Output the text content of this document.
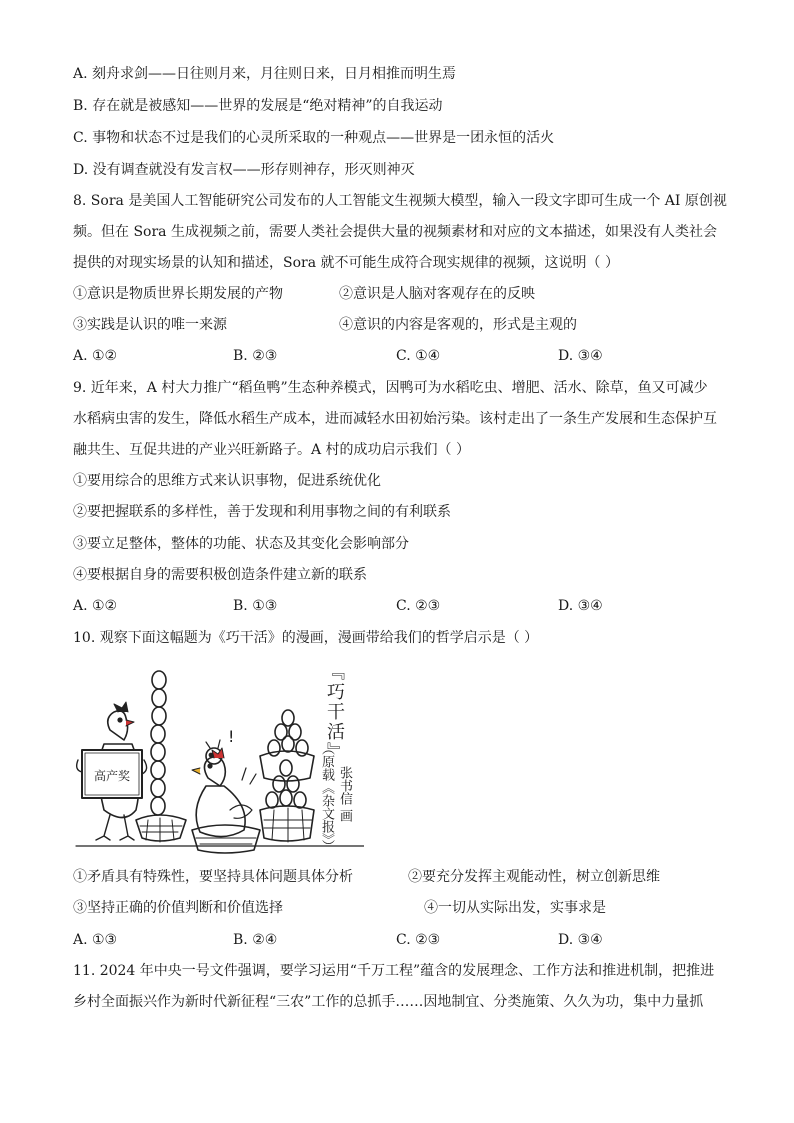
A. 刻舟求剑——日往则月来，月往则日来，日月相推而明生焉
B. 存在就是被感知——世界的发展是“绝对精神”的自我运动
C. 事物和状态不过是我们的心灵所采取的一种观点——世界是一团永恒的活火
D. 没有调查就没有发言权——形存则神存，形灭则神灭
8. Sora 是美国人工智能研究公司发布的人工智能文生视频大模型，输入一段文字即可生成一个 AI 原创视
频。但在 Sora 生成视频之前，需要人类社会提供大量的视频素材和对应的文本描述，如果没有人类社会
提供的对现实场景的认知和描述，Sora 就不可能生成符合现实规律的视频，这说明（ ）
①意识是物质世界长期发展的产物	②意识是人脑对客观存在的反映
③实践是认识的唯一来源	④意识的内容是客观的，形式是主观的
A. ①②	B. ②③	C. ①④	D. ③④
9. 近年来，A 村大力推广“稻鱼鸭”生态种养模式，因鸭可为水稻吃虫、增肥、活水、除草，鱼又可减少
水稻病虫害的发生，降低水稻生产成本，进而减轻水田初始污染。该村走出了一条生产发展和生态保护互
融共生、互促共进的产业兴旺新路子。A 村的成功启示我们（ ）
①要用综合的思维方式来认识事物，促进系统优化
②要把握联系的多样性，善于发现和利用事物之间的有利联系
③要立足整体，整体的功能、状态及其变化会影响部分
④要根据自身的需要积极创造条件建立新的联系
A. ①②	B. ①③	C. ②③	D. ③④
10. 观察下面这幅题为《巧干活》的漫画，漫画带给我们的哲学启示是（ ）
!
高产奖
『巧干活』
张书信 画
（原载《杂文报》）
①矛盾具有特殊性，要坚持具体问题具体分析	②要充分发挥主观能动性，树立创新思维
③坚持正确的价值判断和价值选择	④一切从实际出发，实事求是
A. ①③	B. ②④	C. ②③	D. ③④
11. 2024 年中央一号文件强调，要学习运用“千万工程”蕴含的发展理念、工作方法和推进机制，把推进
乡村全面振兴作为新时代新征程“三农”工作的总抓手……因地制宜、分类施策、久久为功，集中力量抓
